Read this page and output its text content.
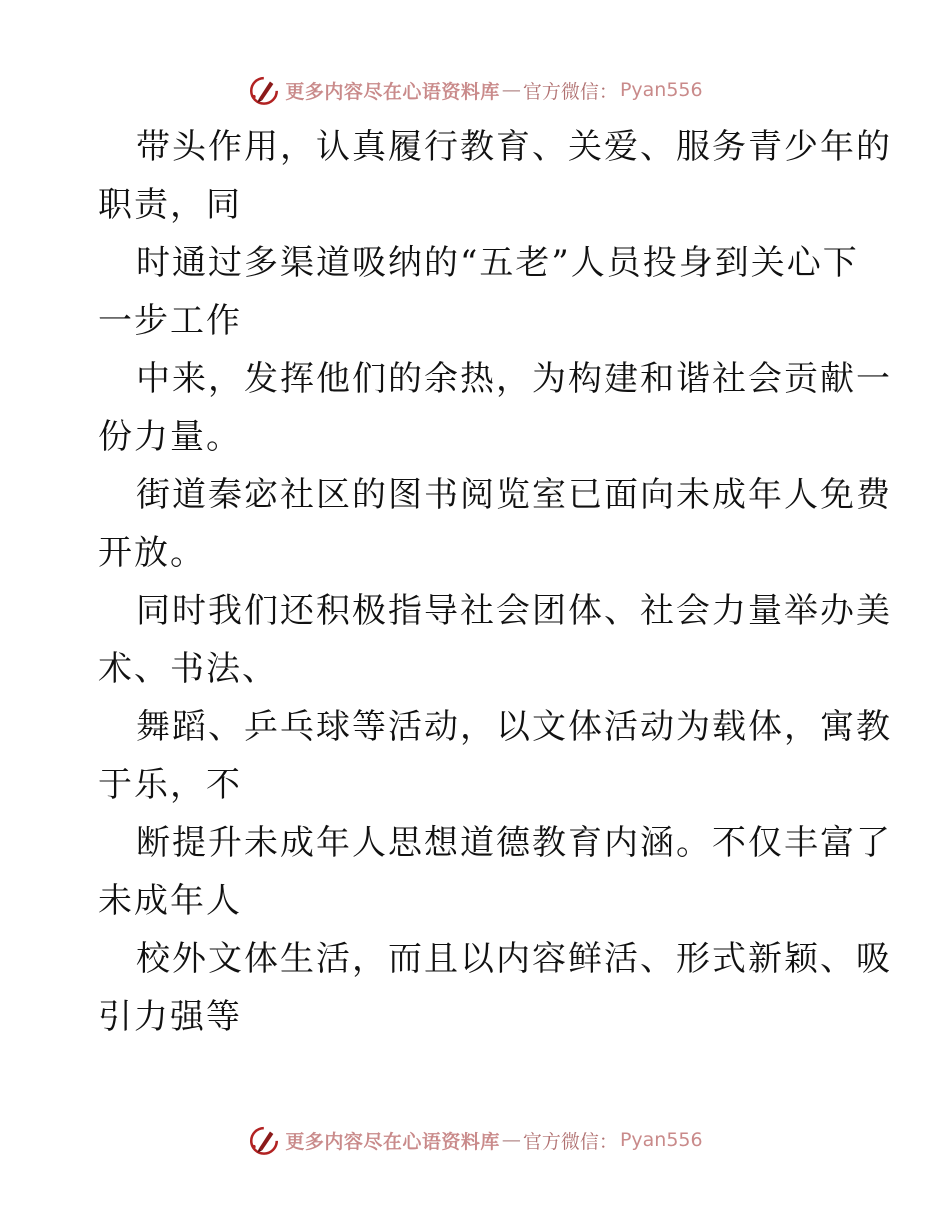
更多内容尽在心语资料库 — 官方微信： Pyan556

带头作用，认真履行教育、关爱、服务青少年的
职责，同

时通过多渠道吸纳的“五老”人员投身到关心下
一步工作

中来，发挥他们的余热，为构建和谐社会贡献一
份力量。

街道秦宓社区的图书阅览室已面向未成年人免费
开放。

同时我们还积极指导社会团体、社会力量举办美
术、书法、

舞蹈、乒乓球等活动，以文体活动为载体，寓教
于乐，不

断提升未成年人思想道德教育内涵。不仅丰富了
未成年人

校外文体生活，而且以内容鲜活、形式新颖、吸
引力强等

更多内容尽在心语资料库 — 官方微信： Pyan556
